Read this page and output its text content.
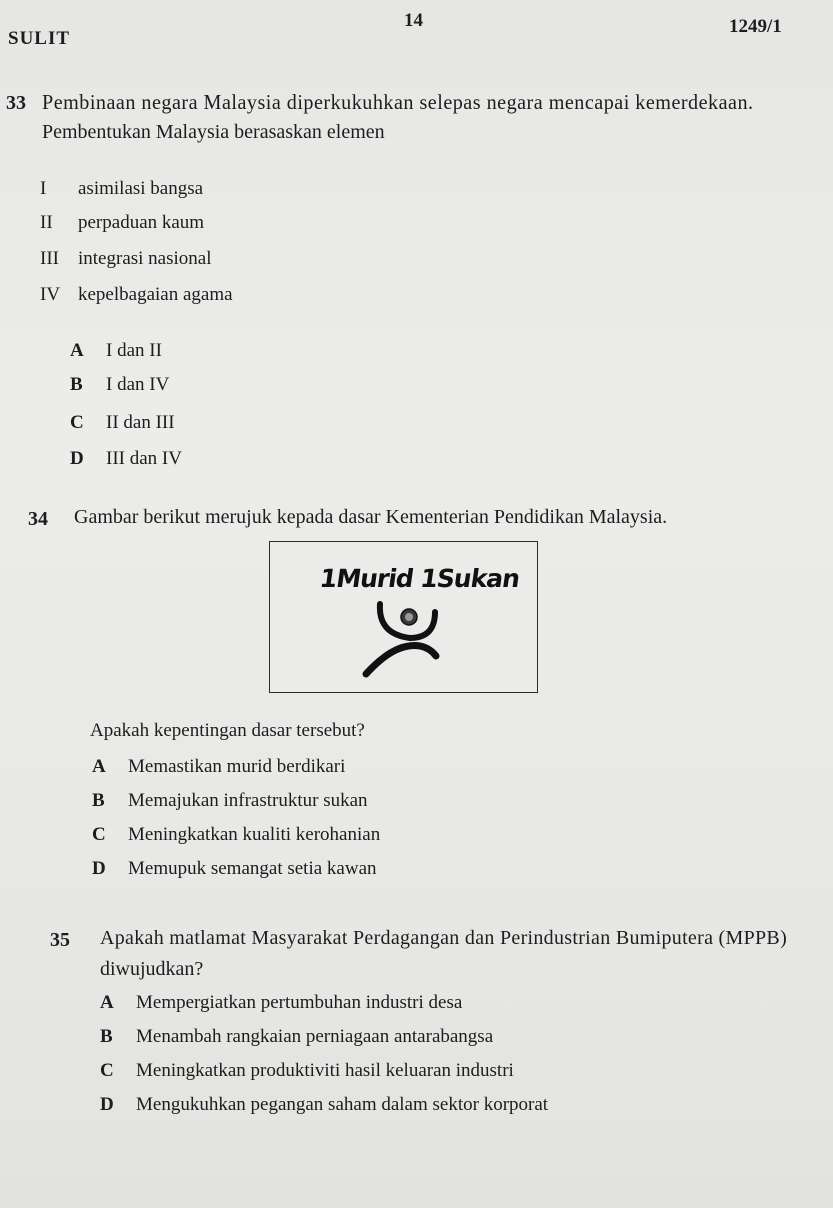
SULIT
14	1249/1
33 Pembinaan negara Malaysia diperkukuhkan selepas negara mencapai kemerdekaan.
Pembentukan Malaysia berasaskan elemen
I asimilasi bangsa
II perpaduan kaum
III integrasi nasional
IV kepelbagaian agama
A I dan II
B I dan IV
C II dan III
D III dan IV
34 Gambar berikut merujuk kepada dasar Kementerian Pendidikan Malaysia.
1Murid 1Sukan
Apakah kepentingan dasar tersebut?
A Memastikan murid berdikari
B Memajukan infrastruktur sukan
C Meningkatkan kualiti kerohanian
D Memupuk semangat setia kawan
35 Apakah matlamat Masyarakat Perdagangan dan Perindustrian Bumiputera (MPPB)
diwujudkan?
A Mempergiatkan pertumbuhan industri desa
B Menambah rangkaian perniagaan antarabangsa
C Meningkatkan produktiviti hasil keluaran industri
D Mengukuhkan pegangan saham dalam sektor korporat
